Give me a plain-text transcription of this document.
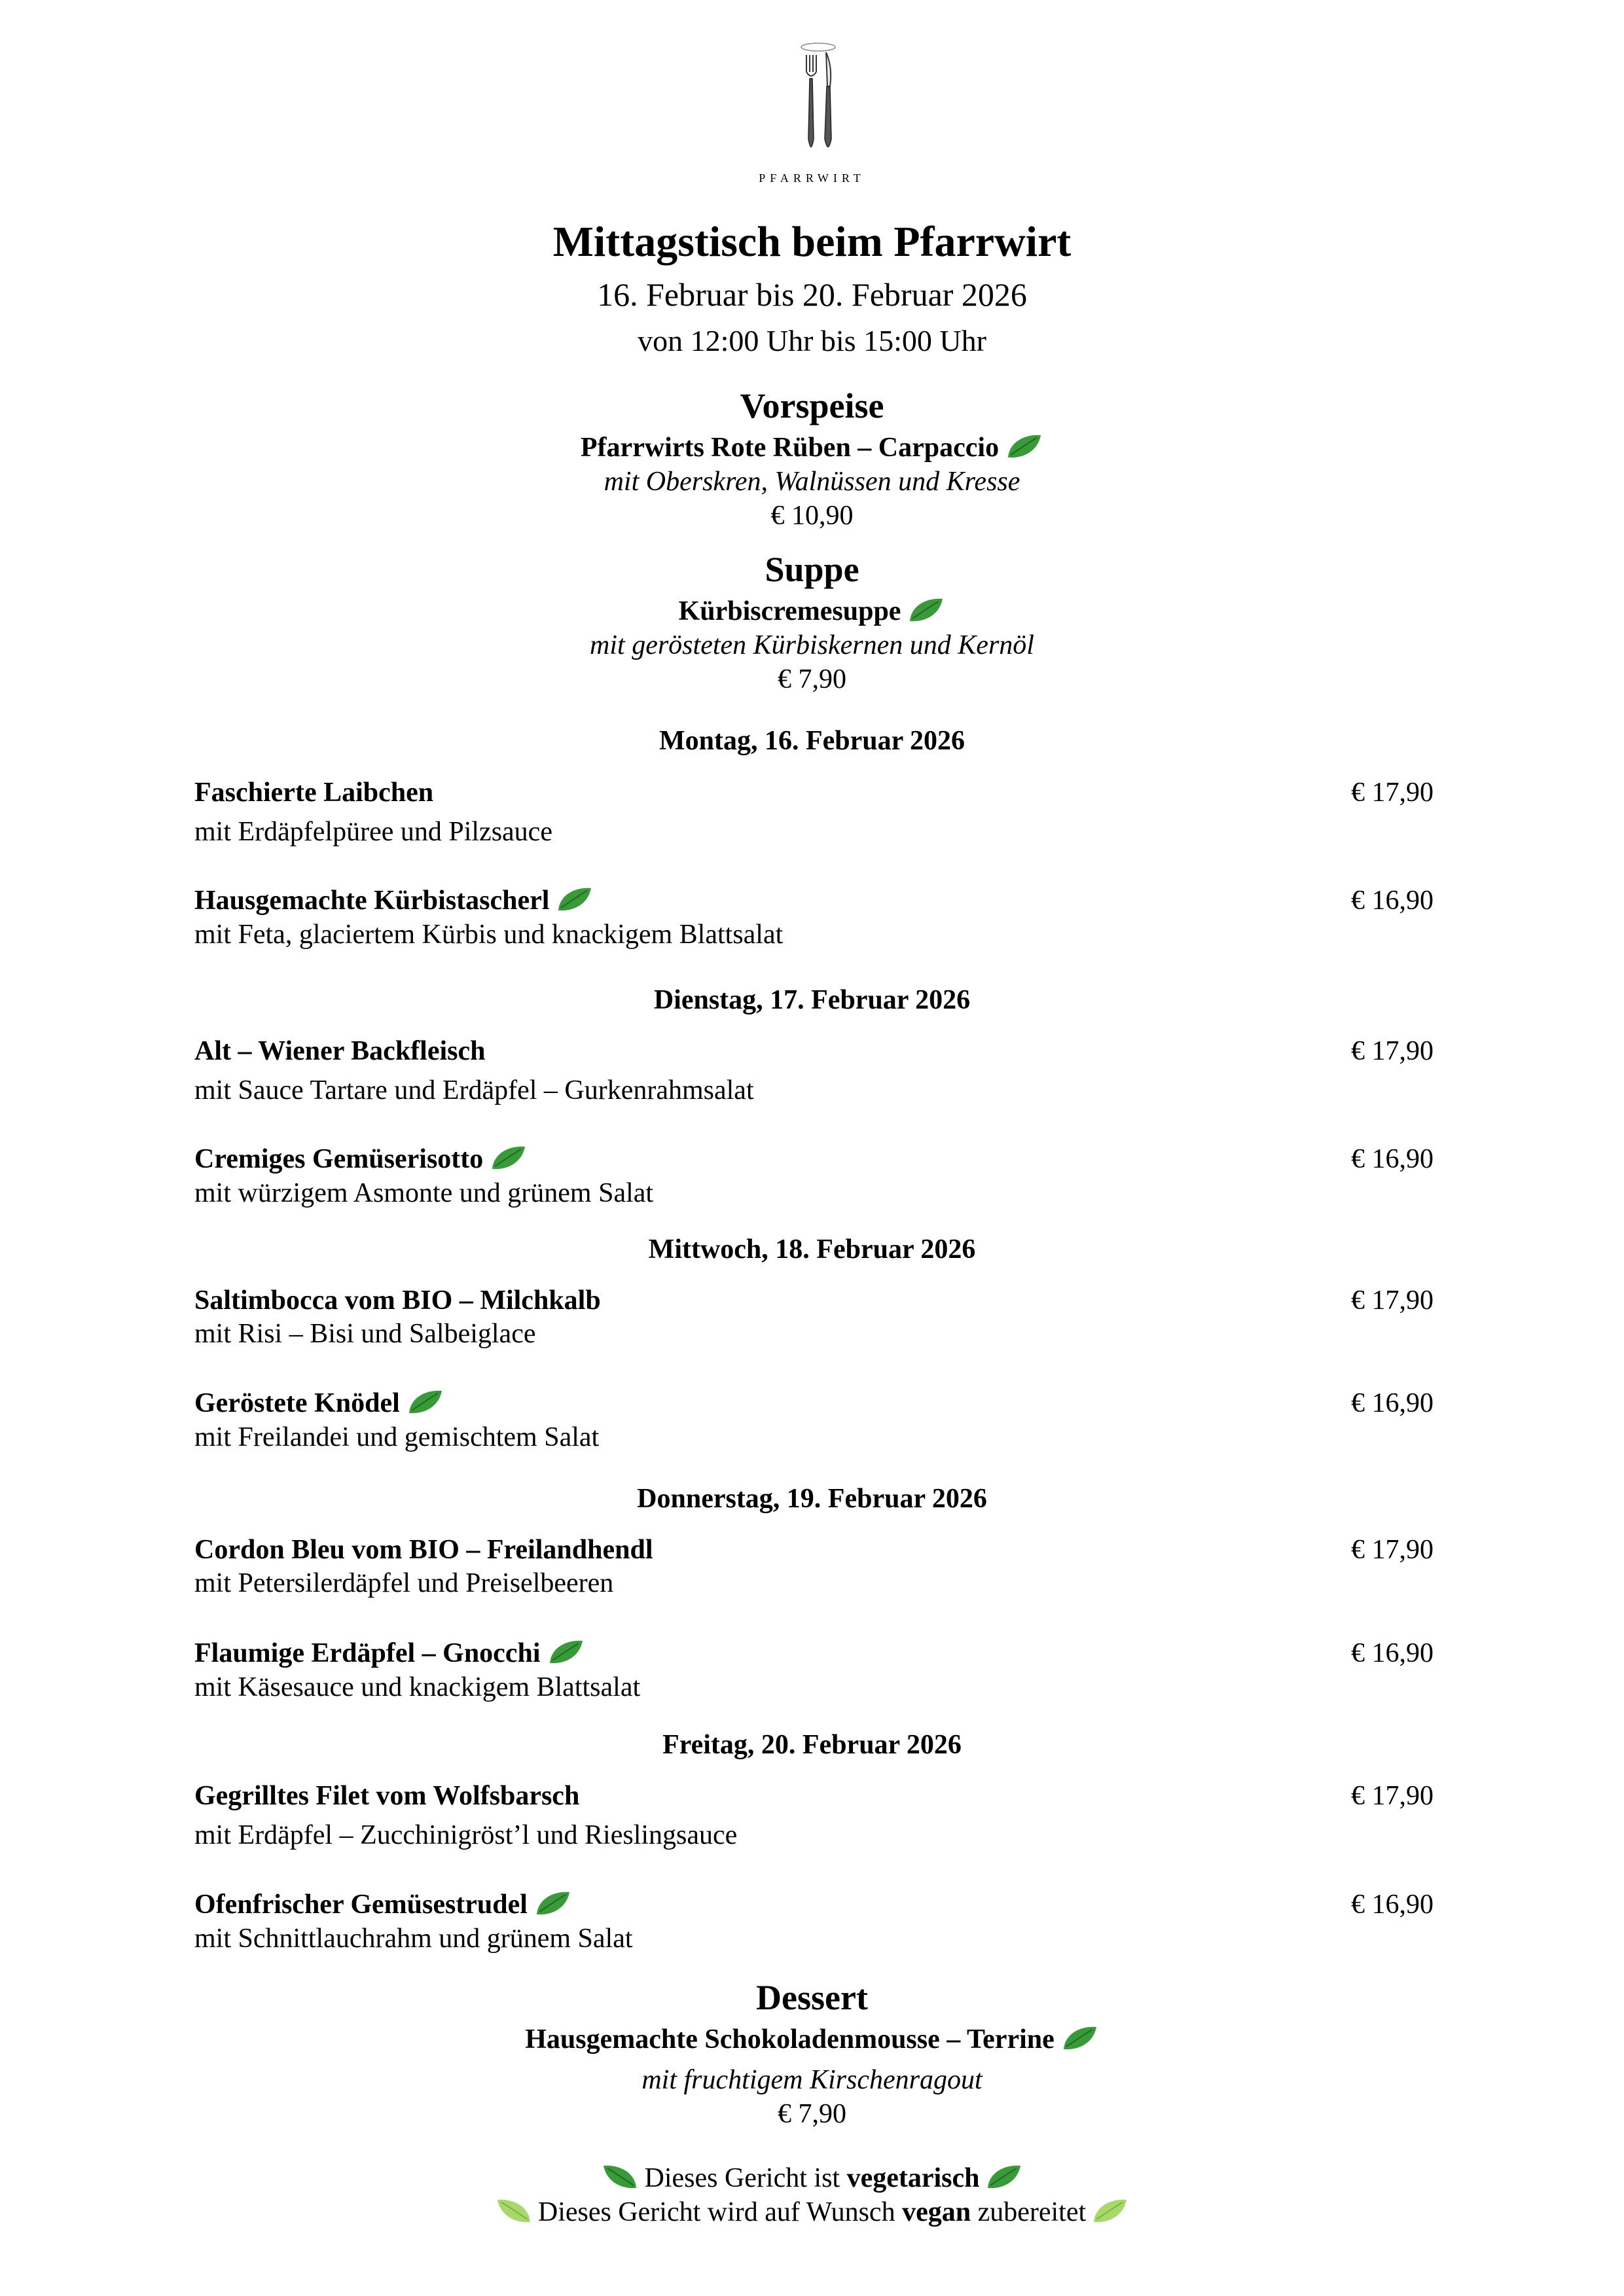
PFARRWIRT
Mittagstisch beim Pfarrwirt
16. Februar bis 20. Februar 2026
von 12:00 Uhr bis 15:00 Uhr
Vorspeise
Pfarrwirts Rote Rüben – Carpaccio
mit Oberskren, Walnüssen und Kresse
€ 10,90
Suppe
Kürbiscremesuppe
mit gerösteten Kürbiskernen und Kernöl
€ 7,90
Montag, 16. Februar 2026
Faschierte Laibchen	€ 17,90
mit Erdäpfelpüree und Pilzsauce
Hausgemachte Kürbistascherl	€ 16,90
mit Feta, glaciertem Kürbis und knackigem Blattsalat
Dienstag, 17. Februar 2026
Alt – Wiener Backfleisch	€ 17,90
mit Sauce Tartare und Erdäpfel – Gurkenrahmsalat
Cremiges Gemüserisotto	€ 16,90
mit würzigem Asmonte und grünem Salat
Mittwoch, 18. Februar 2026
Saltimbocca vom BIO – Milchkalb	€ 17,90
mit Risi – Bisi und Salbeiglace
Geröstete Knödel	€ 16,90
mit Freilandei und gemischtem Salat
Donnerstag, 19. Februar 2026
Cordon Bleu vom BIO – Freilandhendl	€ 17,90
mit Petersilerdäpfel und Preiselbeeren
Flaumige Erdäpfel – Gnocchi	€ 16,90
mit Käsesauce und knackigem Blattsalat
Freitag, 20. Februar 2026
Gegrilltes Filet vom Wolfsbarsch	€ 17,90
mit Erdäpfel – Zucchinigröst’l und Rieslingsauce
Ofenfrischer Gemüsestrudel	€ 16,90
mit Schnittlauchrahm und grünem Salat
Dessert
Hausgemachte Schokoladenmousse – Terrine
mit fruchtigem Kirschenragout
€ 7,90
Dieses Gericht ist vegetarisch
Dieses Gericht wird auf Wunsch vegan zubereitet
